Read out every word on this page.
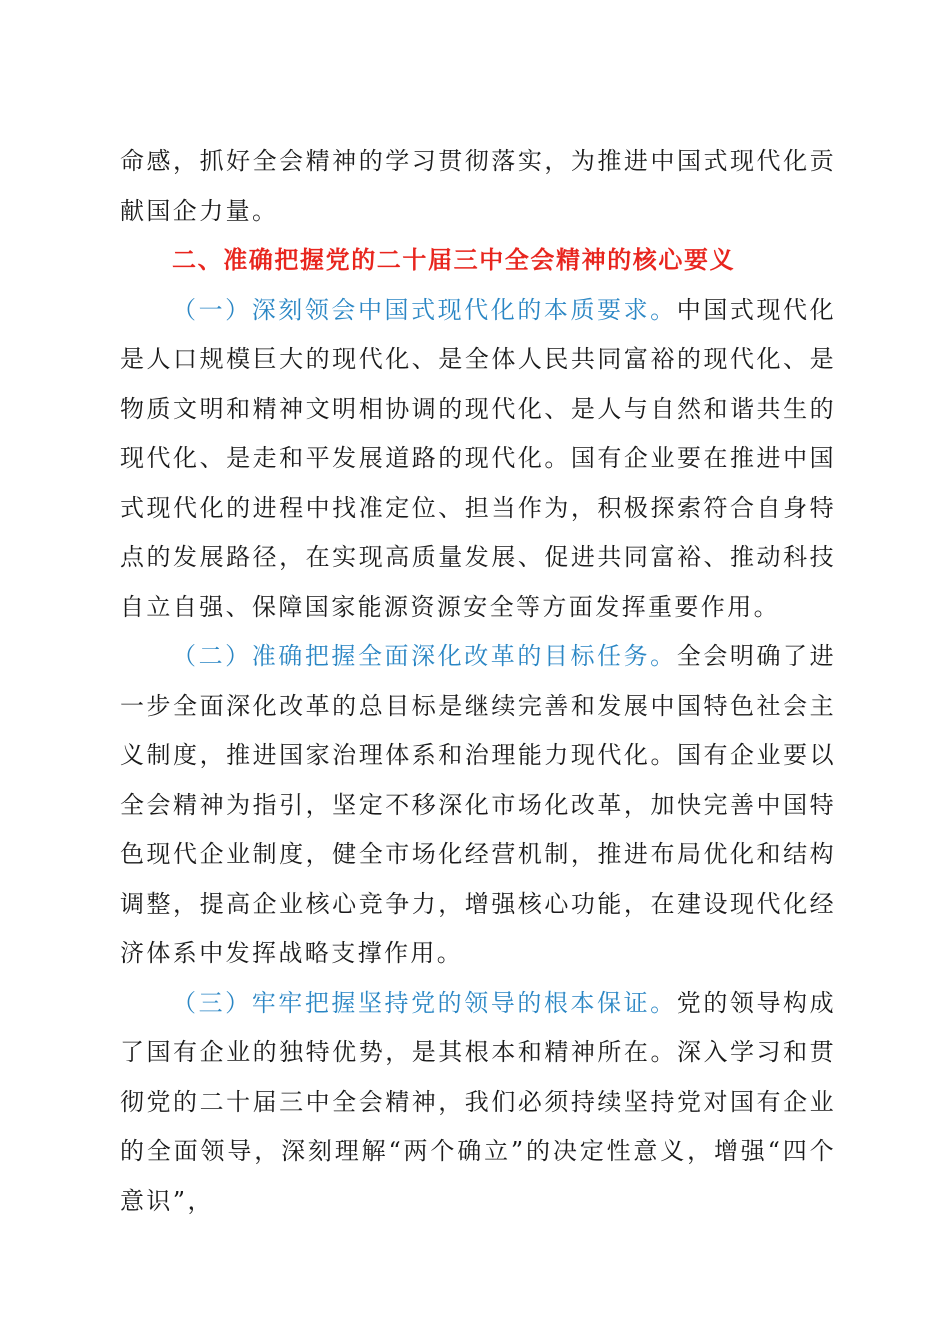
命感，抓好全会精神的学习贯彻落实，为推进中国式现代化贡献国企力量。

二、准确把握党的二十届三中全会精神的核心要义

（一）深刻领会中国式现代化的本质要求。中国式现代化是人口规模巨大的现代化、是全体人民共同富裕的现代化、是物质文明和精神文明相协调的现代化、是人与自然和谐共生的现代化、是走和平发展道路的现代化。国有企业要在推进中国式现代化的进程中找准定位、担当作为，积极探索符合自身特点的发展路径，在实现高质量发展、促进共同富裕、推动科技自立自强、保障国家能源资源安全等方面发挥重要作用。

（二）准确把握全面深化改革的目标任务。全会明确了进一步全面深化改革的总目标是继续完善和发展中国特色社会主义制度，推进国家治理体系和治理能力现代化。国有企业要以全会精神为指引，坚定不移深化市场化改革，加快完善中国特色现代企业制度，健全市场化经营机制，推进布局优化和结构调整，提高企业核心竞争力，增强核心功能，在建设现代化经济体系中发挥战略支撑作用。

（三）牢牢把握坚持党的领导的根本保证。党的领导构成了国有企业的独特优势，是其根本和精神所在。深入学习和贯彻党的二十届三中全会精神，我们必须持续坚持党对国有企业的全面领导，深刻理解“两个确立”的决定性意义，增强“四个意识”，
